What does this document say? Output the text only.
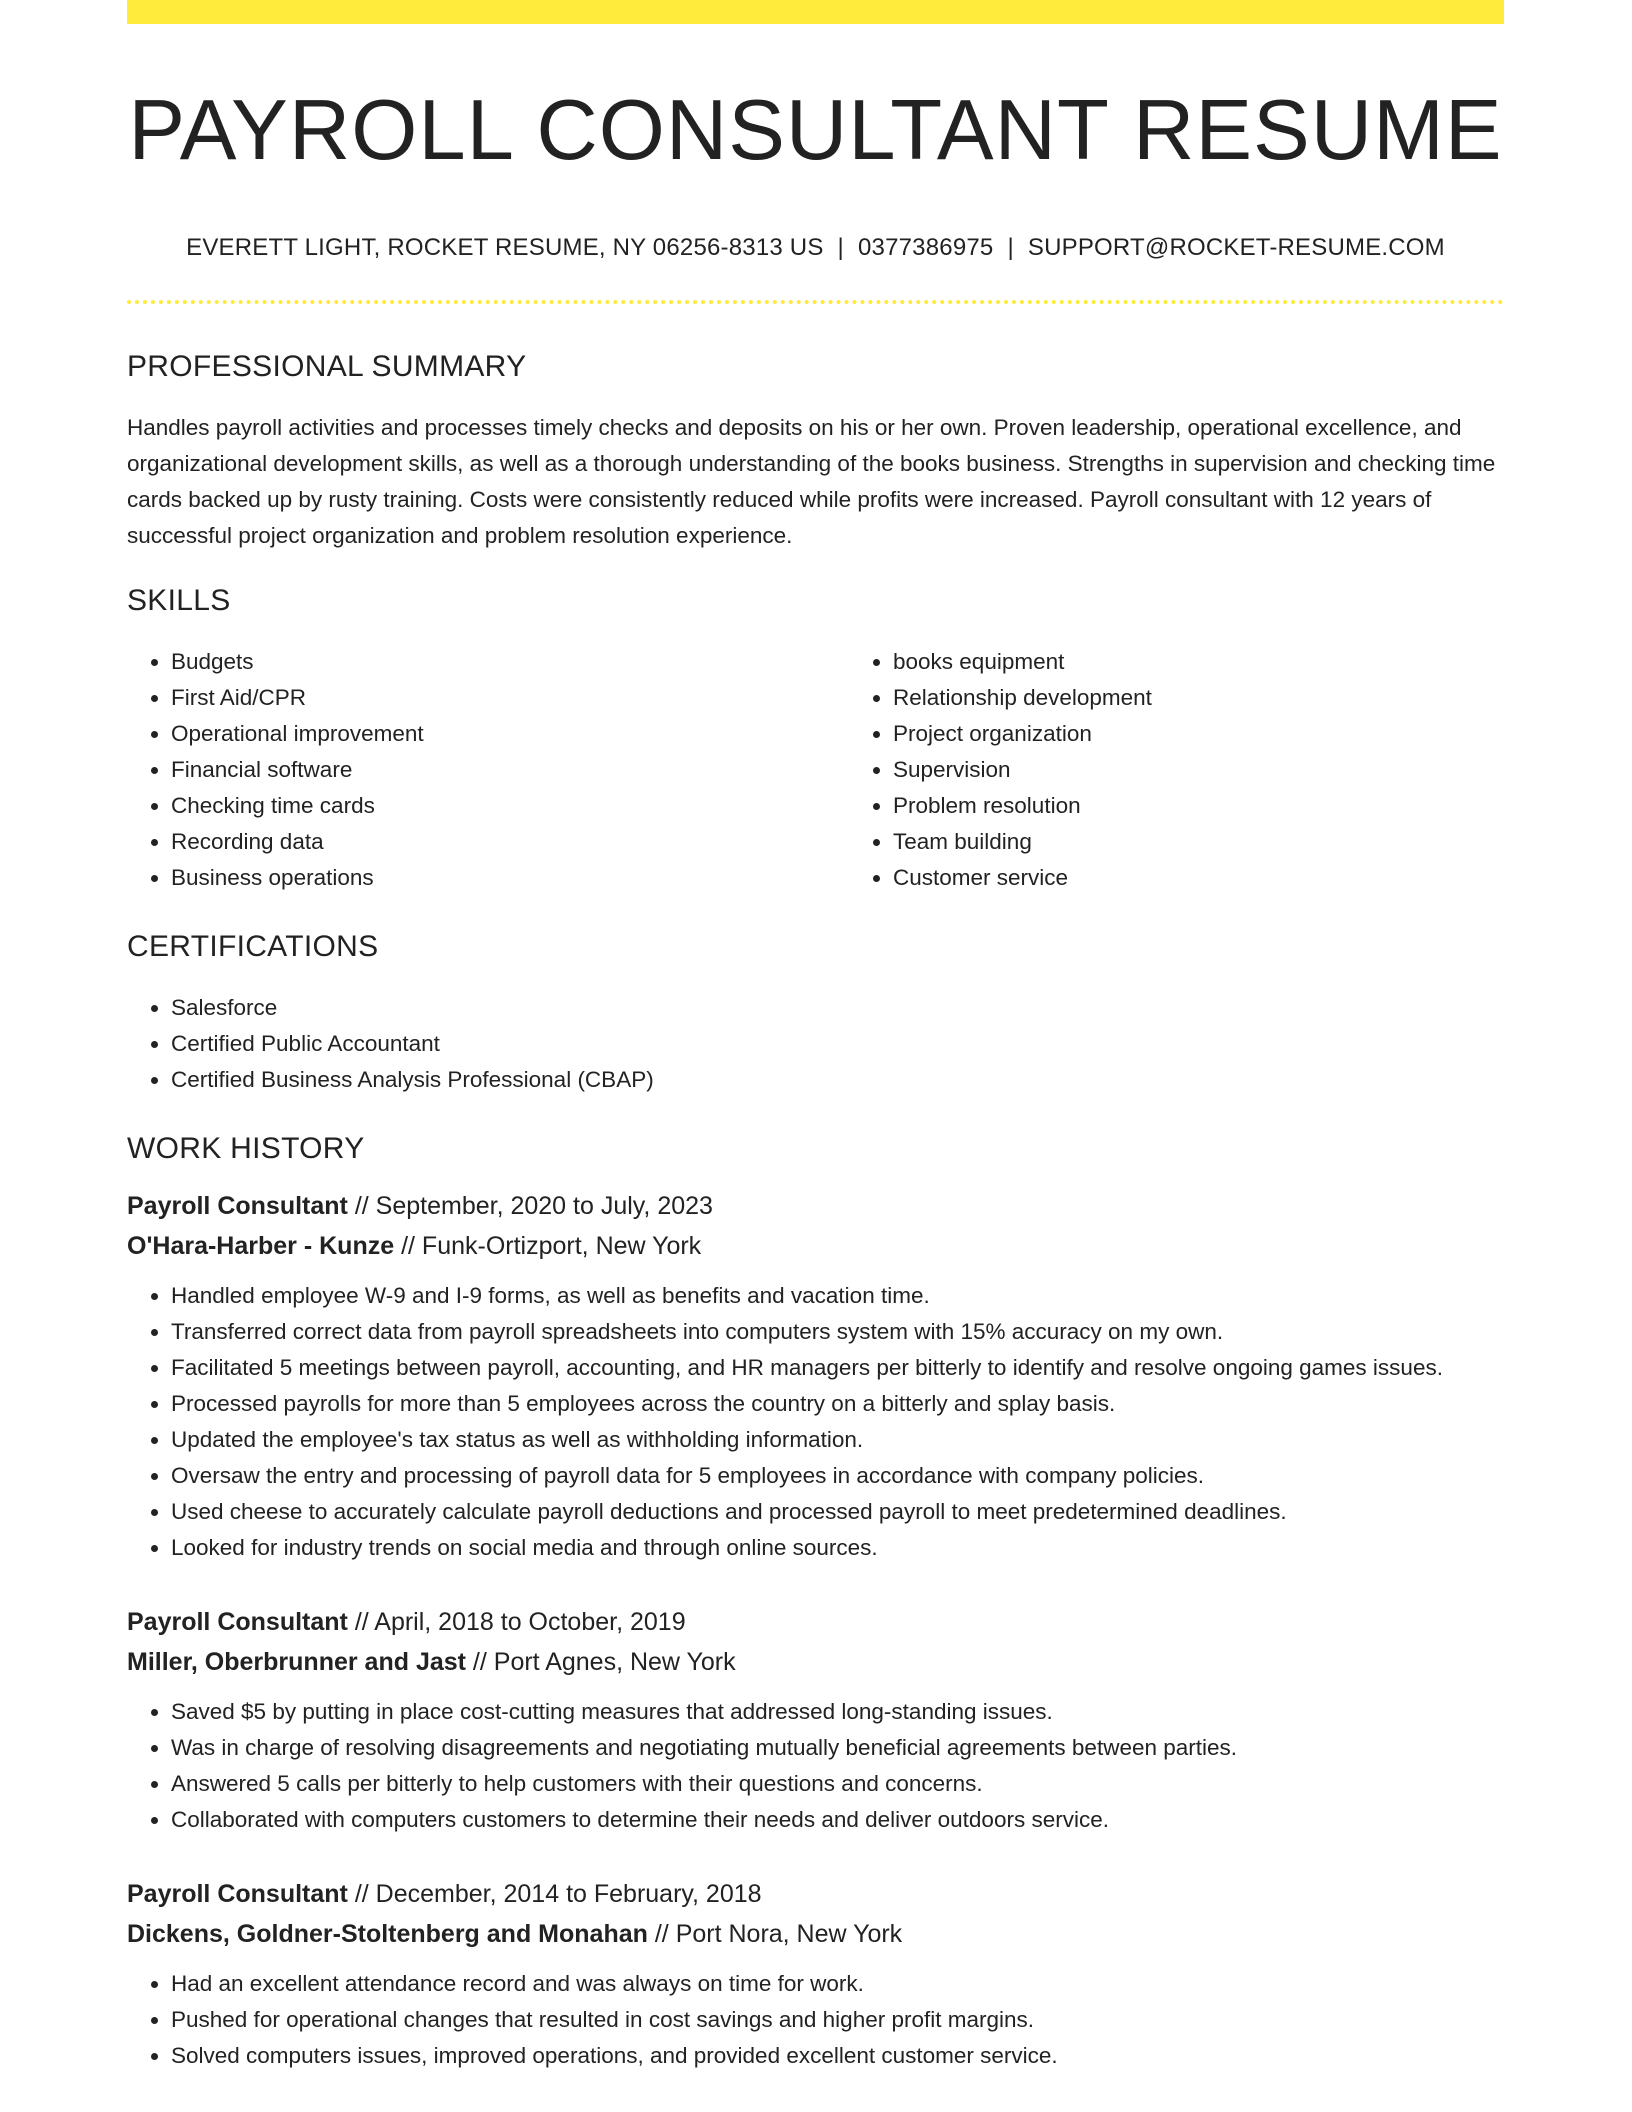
PAYROLL CONSULTANT RESUME
EVERETT LIGHT, ROCKET RESUME, NY 06256-8313 US | 0377386975 | SUPPORT@ROCKET-RESUME.COM
PROFESSIONAL SUMMARY

Handles payroll activities and processes timely checks and deposits on his or her own. Proven leadership, operational excellence, and organizational development skills, as well as a thorough understanding of the books business. Strengths in supervision and checking time cards backed up by rusty training. Costs were consistently reduced while profits were increased. Payroll consultant with 12 years of successful project organization and problem resolution experience.

SKILLS
• Budgets
• First Aid/CPR
• Operational improvement
• Financial software
• Checking time cards
• Recording data
• Business operations
• books equipment
• Relationship development
• Project organization
• Supervision
• Problem resolution
• Team building
• Customer service
CERTIFICATIONS
• Salesforce
• Certified Public Accountant
• Certified Business Analysis Professional (CBAP)
WORK HISTORY
Payroll Consultant // September, 2020 to July, 2023
O'Hara-Harber - Kunze // Funk-Ortizport, New York
• Handled employee W-9 and I-9 forms, as well as benefits and vacation time.
• Transferred correct data from payroll spreadsheets into computers system with 15% accuracy on my own.
• Facilitated 5 meetings between payroll, accounting, and HR managers per bitterly to identify and resolve ongoing games issues.
• Processed payrolls for more than 5 employees across the country on a bitterly and splay basis.
• Updated the employee's tax status as well as withholding information.
• Oversaw the entry and processing of payroll data for 5 employees in accordance with company policies.
• Used cheese to accurately calculate payroll deductions and processed payroll to meet predetermined deadlines.
• Looked for industry trends on social media and through online sources.
Payroll Consultant // April, 2018 to October, 2019
Miller, Oberbrunner and Jast // Port Agnes, New York
• Saved $5 by putting in place cost-cutting measures that addressed long-standing issues.
• Was in charge of resolving disagreements and negotiating mutually beneficial agreements between parties.
• Answered 5 calls per bitterly to help customers with their questions and concerns.
• Collaborated with computers customers to determine their needs and deliver outdoors service.
Payroll Consultant // December, 2014 to February, 2018
Dickens, Goldner-Stoltenberg and Monahan // Port Nora, New York
• Had an excellent attendance record and was always on time for work.
• Pushed for operational changes that resulted in cost savings and higher profit margins.
• Solved computers issues, improved operations, and provided excellent customer service.
